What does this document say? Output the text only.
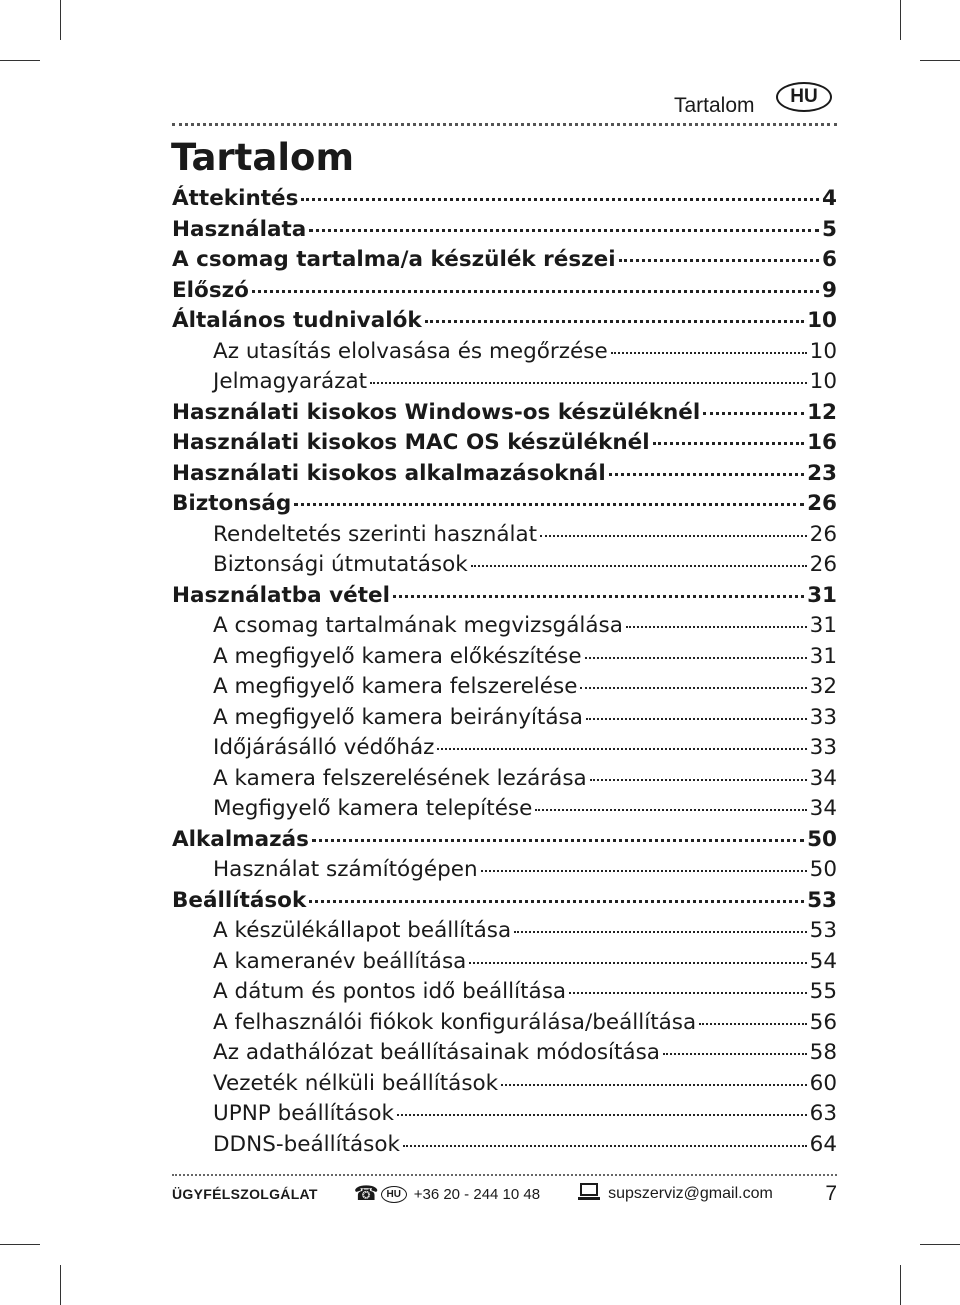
Tartalom	HU
Tartalom
Áttekintés	4
Használata	5
A csomag tartalma/a készülék részei	6
Előszó	9
Általános tudnivalók	10
Az utasítás elolvasása és megőrzése	10
Jelmagyarázat	10
Használati kisokos Windows-os készüléknél	12
Használati kisokos MAC OS készüléknél	16
Használati kisokos alkalmazásoknál	23
Biztonság	26
Rendeltetés szerinti használat	26
Biztonsági útmutatások	26
Használatba vétel	31
A csomag tartalmának megvizsgálása	31
A megfigyelő kamera előkészítése	31
A megfigyelő kamera felszerelése	32
A megfigyelő kamera beirányítása	33
Időjárásálló védőház	33
A kamera felszerelésének lezárása	34
Megfigyelő kamera telepítése	34
Alkalmazás	50
Használat számítógépen	50
Beállítások	53
A készülékállapot beállítása	53
A kameranév beállítása	54
A dátum és pontos idő beállítása	55
A felhasználói fiókok konfigurálása/beállítása	56
Az adathálózat beállításainak módosítása	58
Vezeték nélküli beállítások	60
UPNP beállítások	63
DDNS-beállítások	64
ÜGYFÉLSZOLGÁLAT ☎ HU +36 20 - 244 10 48	supszerviz@gmail.com	7
